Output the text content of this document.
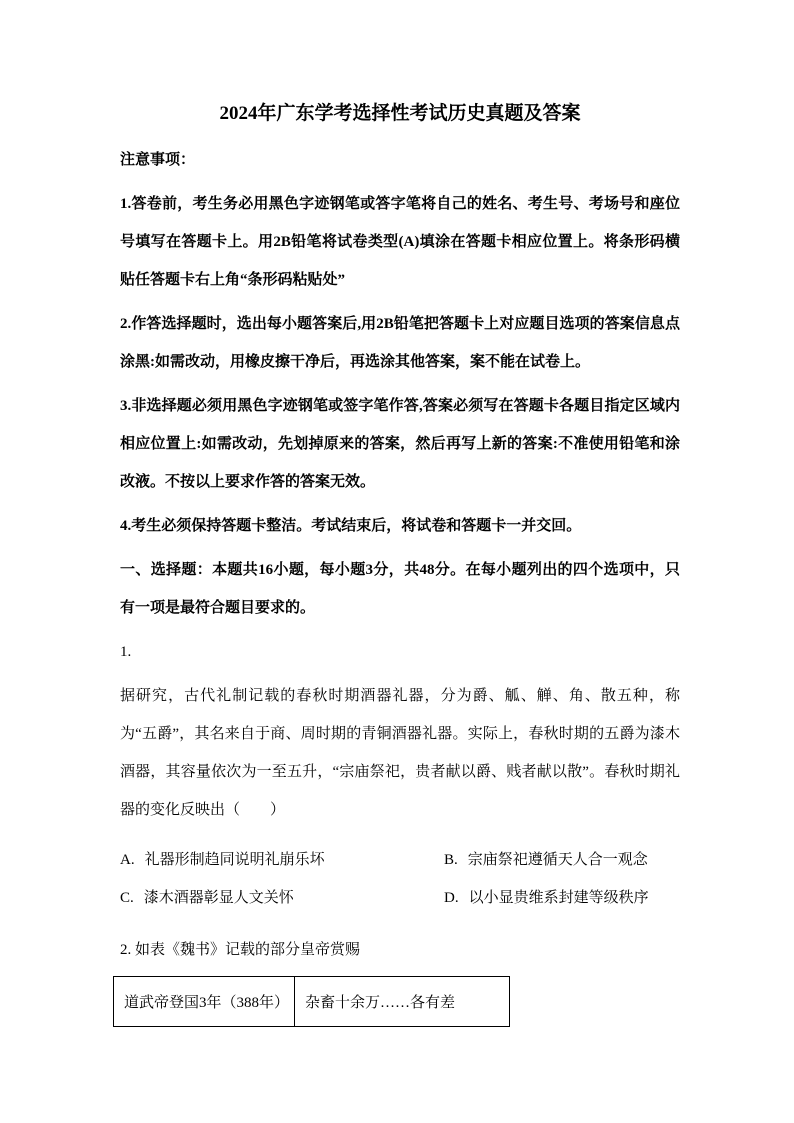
2024年广东学考选择性考试历史真题及答案

注意事项：

1.答卷前，考生务必用黑色字迹钢笔或答字笔将自己的姓名、考生号、考场号和座位号填写在答题卡上。用2B铅笔将试卷类型(A)填涂在答题卡相应位置上。将条形码横贴任答题卡右上角“条形码粘贴处”

2.作答选择题时，选出每小题答案后,用2B铅笔把答题卡上对应题目选项的答案信息点涂黑:如需改动，用橡皮擦干净后，再选涂其他答案，案不能在试卷上。

3.非选择题必须用黑色字迹钢笔或签字笔作答,答案必须写在答题卡各题目指定区域内相应位置上:如需改动，先划掉原来的答案，然后再写上新的答案:不准使用铅笔和涂改液。不按以上要求作答的答案无效。

4.考生必须保持答题卡整洁。考试结束后，将试卷和答题卡一并交回。

一、选择题：本题共16小题，每小题3分，共48分。在每小题列出的四个选项中，只有一项是最符合题目要求的。

1.

据研究，古代礼制记载的春秋时期酒器礼器，分为爵、觚、觯、角、散五种，称为“五爵”，其名来自于商、周时期的青铜酒器礼器。实际上，春秋时期的五爵为漆木酒器，其容量依次为一至五升，“宗庙祭祀，贵者献以爵、贱者献以散”。春秋时期礼器的变化反映出（　　）

A. 礼器形制趋同说明礼崩乐坏	B. 宗庙祭祀遵循天人合一观念
C. 漆木酒器彰显人文关怀	D. 以小显贵维系封建等级秩序

2. 如表《魏书》记载的部分皇帝赏赐

道武帝登国3年（388年）	杂畜十余万……各有差
